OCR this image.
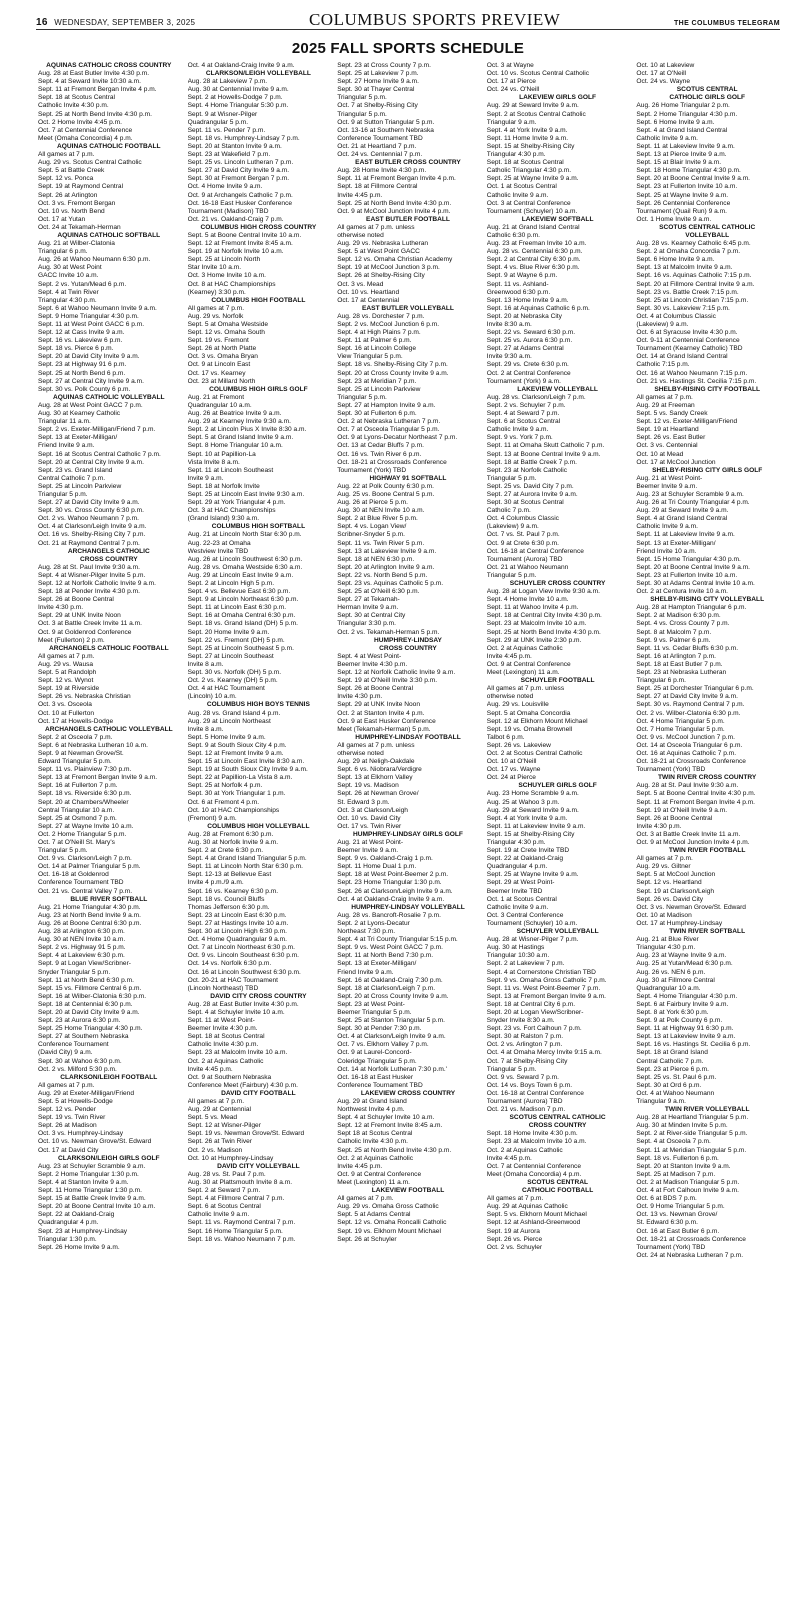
16 WEDNESDAY, SEPTEMBER 3, 2025	COLUMBUS SPORTS PREVIEW	THE COLUMBUS TELEGRAM
2025 FALL SPORTS SCHEDULE
AQUINAS CATHOLIC CROSS COUNTRY
Aug. 28 at East Butler Invite 4:30 p.m.
Sept. 4 at Seward Invite 10:30 a.m.
Sept. 11 at Fremont Bergan Invite 4 p.m.
Sept. 18 at Scotus Central
Catholic Invite 4:30 p.m.
Sept. 25 at North Bend Invite 4:30 p.m.
Oct. 2 Home Invite 4:45 p.m.
Oct. 7 at Centennial Conference
Meet (Omaha Concordia) 4 p.m.
AQUINAS CATHOLIC FOOTBALL
All games at 7 p.m.
Aug. 29 vs. Scotus Central Catholic
Sept. 5 at Battle Creek
Sept. 12 vs. Ponca
Sept. 19 at Raymond Central
Sept. 26 at Arlington
Oct. 3 vs. Fremont Bergan
Oct. 10 vs. North Bend
Oct. 17 at Yutan
Oct. 24 at Tekamah-Herman
AQUINAS CATHOLIC SOFTBALL
Aug. 21 at Wilber-Clatonia
Triangular 6 p.m.
Aug. 26 at Wahoo Neumann 6:30 p.m.
Aug. 30 at West Point
GACC Invite 10 a.m.
Sept. 2 vs. Yutan/Mead 6 p.m.
Sept. 4 at Twin River
Triangular 4:30 p.m.
Sept. 6 at Wahoo Neumann Invite 9 a.m.
Sept. 9 Home Triangular 4:30 p.m.
Sept. 11 at West Point GACC 6 p.m.
Sept. 12 at Cass Invite 9 a.m.
Sept. 16 vs. Lakeview 6 p.m.
Sept. 18 vs. Pierce 6 p.m.
Sept. 20 at David City Invite 9 a.m.
Sept. 23 at Highway 91 6 p.m.
Sept. 25 at North Bend 6 p.m.
Sept. 27 at Central City Invite 9 a.m.
Sept. 30 vs. Polk County 6 p.m.
AQUINAS CATHOLIC VOLLEYBALL
Aug. 28 at West Point GACC 7 p.m.
Aug. 30 at Kearney Catholic
Triangular 11 a.m.
Sept. 2 vs. Exeter-Milligan/Friend 7 p.m.
Sept. 13 at Exeter-Milligan/
Friend Invite 9 a.m.
Sept. 16 at Scotus Central Catholic 7 p.m.
Sept. 20 at Central City Invite 9 a.m.
Sept. 23 vs. Grand Island
Central Catholic 7 p.m.
Sept. 25 at Lincoln Parkview
Triangular 5 p.m.
Sept. 27 at David City Invite 9 a.m.
Sept. 30 vs. Cross County 6:30 p.m.
Oct. 2 vs. Wahoo Neumann 7 p.m.
Oct. 4 at Clarkson/Leigh Invite 9 a.m.
Oct. 16 vs. Shelby-Rising City 7 p.m.
Oct. 21 at Raymond Central 7 p.m.
ARCHANGELS CATHOLIC
CROSS COUNTRY
Aug. 28 at St. Paul Invite 9:30 a.m.
Sept. 4 at Wisner-Pilger Invite 5 p.m.
Sept. 12 at Norfolk Catholic Invite 9 a.m.
Sept. 18 at Pender Invite 4:30 p.m.
Sept. 26 at Boone Central
Invite 4:30 p.m.
Sept. 29 at UNK Invite Noon
Oct. 3 at Battle Creek Invite 11 a.m.
Oct. 9 at Goldenrod Conference
Meet (Fullerton) 2 p.m.
ARCHANGELS CATHOLIC FOOTBALL
All games at 7 p.m.
Aug. 29 vs. Wausa
Sept. 5 at Randolph
Sept. 12 vs. Wynot
Sept. 19 at Riverside
Sept. 26 vs. Nebraska Christian
Oct. 3 vs. Osceola
Oct. 10 at Fullerton
Oct. 17 at Howells-Dodge
ARCHANGELS CATHOLIC VOLLEYBALL
Sept. 2 at Osceola 7 p.m.
Sept. 6 at Nebraska Lutheran 10 a.m.
Sept. 9 at Newman Grove/St.
Edward Triangular 5 p.m.
Sept. 11 vs. Plainview 7:30 p.m.
Sept. 13 at Fremont Bergan Invite 9 a.m.
Sept. 16 at Fullerton 7 p.m.
Sept. 18 vs. Riverside 6:30 p.m.
Sept. 20 at Chambers/Wheeler
Central Triangular 10 a.m.
Sept. 25 at Osmond 7 p.m.
Sept. 27 at Wayne Invite 10 a.m.
Oct. 2 Home Triangular 5 p.m.
Oct. 7 at O'Neill St. Mary's
Triangular 5 p.m.
Oct. 9 vs. Clarkson/Leigh 7 p.m.
Oct. 14 at Palmer Triangular 5 p.m.
Oct. 16-18 at Goldenrod
Conference Tournament TBD
Oct. 21 vs. Central Valley 7 p.m.
BLUE RIVER SOFTBALL
Aug. 21 Home Triangular 4:30 p.m.
Aug. 23 at North Bend Invite 9 a.m.
Aug. 26 at Boone Central 6:30 p.m.
Aug. 28 at Arlington 6:30 p.m.
Aug. 30 at NEN Invite 10 a.m.
Sept. 2 vs. Highway 91 5 p.m.
Sept. 4 at Lakeview 6:30 p.m.
Sept. 9 at Logan View/Scribner-
Snyder Triangular 5 p.m.
Sept. 11 at North Bend 6:30 p.m.
Sept. 15 vs. Fillmore Central 6 p.m.
Sept. 16 at Wilber-Clatonia 6:30 p.m.
Sept. 18 at Centennial 6:30 p.m.
Sept. 20 at David City Invite 9 a.m.
Sept. 23 at Aurora 6:30 p.m.
Sept. 25 Home Triangular 4:30 p.m.
Sept. 27 at Southern Nebraska
Conference Tournament
(David City) 9 a.m.
Sept. 30 at Wahoo 6:30 p.m.
Oct. 2 vs. Milford 5:30 p.m.
CLARKSON/LEIGH FOOTBALL
All games at 7 p.m.
Aug. 29 at Exeter-Milligan/Friend
Sept. 5 at Howells-Dodge
Sept. 12 vs. Pender
Sept. 19 vs. Twin River
Sept. 26 at Madison
Oct. 3 vs. Humphrey-Lindsay
Oct. 10 vs. Newman Grove/St. Edward
Oct. 17 at David City
CLARKSON/LEIGH GIRLS GOLF
Aug. 23 at Schuyler Scramble 9 a.m.
Sept. 2 Home Triangular 1:30 p.m.
Sept. 4 at Stanton Invite 9 a.m.
Sept. 11 Home Triangular 1:30 p.m.
Sept. 15 at Battle Creek Invite 9 a.m.
Sept. 20 at Boone Central Invite 10 a.m.
Sept. 22 at Oakland-Craig
Quadrangular 4 p.m.
Sept. 23 at Humphrey-Lindsay
Triangular 1:30 p.m.
Sept. 26 Home Invite 9 a.m.
Oct. 4 at Oakland-Craig Invite 9 a.m.
CLARKSON/LEIGH VOLLEYBALL
Aug. 28 at Lakeview 7 p.m.
Aug. 30 at Centennial Invite 9 a.m.
Sept. 2 at Howells-Dodge 7 p.m.
Sept. 4 Home Triangular 5:30 p.m.
Sept. 9 at Wisner-Pilger
Quadrangular 5 p.m.
Sept. 11 vs. Pender 7 p.m.
Sept. 18 vs. Humphrey-Lindsay 7 p.m.
Sept. 20 at Stanton Invite 9 a.m.
Sept. 23 at Wakefield 7 p.m.
Sept. 25 vs. Lincoln Lutheran 7 p.m.
Sept. 27 at David City Invite 9 a.m.
Sept. 30 at Fremont Bergan 7 p.m.
Oct. 4 Home Invite 9 a.m.
Oct. 9 at Archangels Catholic 7 p.m.
Oct. 16-18 East Husker Conference
Tournament (Madison) TBD
Oct. 21 vs. Oakland-Craig 7 p.m.
COLUMBUS HIGH CROSS COUNTRY
Sept. 5 at Boone Central Invite 10 a.m.
Sept. 12 at Fremont Invite 8:45 a.m.
Sept. 19 at Norfolk Invite 10 a.m.
Sept. 25 at Lincoln North
Star Invite 10 a.m.
Oct. 3 Home Invite 10 a.m.
Oct. 8 at HAC Championships
(Kearney) 3:30 p.m.
COLUMBUS HIGH FOOTBALL
All games at 7 p.m.
Aug. 29 vs. Norfolk
Sept. 5 at Omaha Westside
Sept. 12 vs. Omaha South
Sept. 19 vs. Fremont
Sept. 26 at North Platte
Oct. 3 vs. Omaha Bryan
Oct. 9 at Lincoln East
Oct. 17 vs. Kearney
Oct. 23 at Millard North
COLUMBUS HIGH GIRLS GOLF
Aug. 21 at Fremont
Quadrangular 10 a.m.
Aug. 26 at Beatrice Invite 9 a.m.
Aug. 29 at Kearney Invite 9:30 a.m.
Sept. 2 at Lincoln Pius X Invite 8:30 a.m.
Sept. 5 at Grand Island Invite 9 a.m.
Sept. 8 Home Triangular 10 a.m.
Sept. 10 at Papillion-La
Vista Invite 8 a.m.
Sept. 11 at Lincoln Southeast
Invite 9 a.m.
Sept. 18 at Norfolk Invite
Sept. 25 at Lincoln East Invite 9:30 a.m.
Sept. 29 at York Triangular 4 p.m.
Oct. 3 at HAC Championships
(Grand Island) 9:30 a.m.
COLUMBUS HIGH SOFTBALL
Aug. 21 at Lincoln North Star 6:30 p.m.
Aug. 22-23 at Omaha
Westview Invite TBD
Aug. 26 at Lincoln Southwest 6:30 p.m.
Aug. 28 vs. Omaha Westside 6:30 a.m.
Aug. 29 at Lincoln East Invite 9 a.m.
Sept. 2 at Lincoln High 5 p.m.
Sept. 4 vs. Bellevue East 6:30 p.m.
Sept. 9 at Lincoln Northeast 6:30 p.m.
Sept. 11 at Lincoln East 6:30 p.m.
Sept. 16 at Omaha Central 6:30 p.m.
Sept. 18 vs. Grand Island (DH) 5 p.m.
Sept. 20 Home Invite 9 a.m.
Sept. 22 vs. Fremont (DH) 5 p.m.
Sept. 25 at Lincoln Southeast 5 p.m.
Sept. 27 at Lincoln Southeast
Invite 8 a.m.
Sept. 30 vs. Norfolk (DH) 5 p.m.
Oct. 2 vs. Kearney (DH) 5 p.m.
Oct. 4 at HAC Tournament
(Lincoln) 10 a.m.
COLUMBUS HIGH BOYS TENNIS
Aug. 28 vs. Grand Island 4 p.m.
Aug. 29 at Lincoln Northeast
Invite 8 a.m.
Sept. 5 Home Invite 9 a.m.
Sept. 9 at South Sioux City 4 p.m.
Sept. 12 at Fremont Invite 9 a.m.
Sept. 15 at Lincoln East Invite 8:30 a.m.
Sept. 19 at South Sioux City Invite 9 a.m.
Sept. 22 at Papillion-La Vista 8 a.m.
Sept. 25 at Norfolk 4 p.m.
Sept. 30 at York Triangular 1 p.m.
Oct. 6 at Fremont 4 p.m.
Oct. 10 at HAC Championships
(Fremont) 9 a.m.
COLUMBUS HIGH VOLLEYBALL
Aug. 28 at Fremont 6:30 p.m.
Aug. 30 at Norfolk Invite 9 a.m.
Sept. 2 at Crete 6:30 p.m.
Sept. 4 at Grand Island Triangular 5 p.m.
Sept. 11 at Lincoln North Star 6:30 p.m.
Sept. 12-13 at Bellevue East
Invite 4 p.m./9 a.m.
Sept. 16 vs. Kearney 6:30 p.m.
Sept. 18 vs. Council Bluffs
Thomas Jefferson 6:30 p.m.
Sept. 23 at Lincoln East 6:30 p.m.
Sept. 27 at Hastings Invite 10 a.m.
Sept. 30 at Lincoln High 6:30 p.m.
Oct. 4 Home Quadrangular 9 a.m.
Oct. 7 at Lincoln Northeast 6:30 p.m.
Oct. 9 vs. Lincoln Southeast 6:30 p.m.
Oct. 14 vs. Norfolk 6:30 p.m.
Oct. 16 at Lincoln Southwest 6:30 p.m.
Oct. 20-21 at HAC Tournament
(Lincoln Northeast) TBD
DAVID CITY CROSS COUNTRY
Aug. 28 at East Butler Invite 4:30 p.m.
Sept. 4 at Schuyler Invite 10 a.m.
Sept. 11 at West Point-
Beemer Invite 4:30 p.m.
Sept. 18 at Scotus Central
Catholic Invite 4:30 p.m.
Sept. 23 at Malcolm Invite 10 a.m.
Oct. 2 at Aquinas Catholic
Invite 4:45 p.m.
Oct. 9 at Southern Nebraska
Conference Meet (Fairbury) 4:30 p.m.
DAVID CITY FOOTBALL
All games at 7 p.m.
Aug. 29 at Centennial
Sept. 5 vs. Mead
Sept. 12 at Wisner-Pilger
Sept. 19 vs. Newman Grove/St. Edward
Sept. 26 at Twin River
Oct. 2 vs. Madison
Oct. 10 at Humphrey-Lindsay
DAVID CITY VOLLEYBALL
Aug. 28 vs. St. Paul 7 p.m.
Aug. 30 at Plattsmouth Invite 8 a.m.
Sept. 2 at Seward 7 p.m.
Sept. 4 at Fillmore Central 7 p.m.
Sept. 6 at Scotus Central
Catholic Invite 9 a.m.
Sept. 11 vs. Raymond Central 7 p.m.
Sept. 16 Home Triangular 5 p.m.
Sept. 18 vs. Wahoo Neumann 7 p.m.
Sept. 23 at Cross County 7 p.m.
Sept. 25 at Lakeview 7 p.m.
Sept. 27 Home Invite 9 a.m.
Sept. 30 at Thayer Central
Triangular 5 p.m.
Oct. 7 at Shelby-Rising City
Triangular 5 p.m.
Oct. 9 at Sutton Triangular 5 p.m.
Oct. 13-16 at Southern Nebraska
Conference Tournament TBD
Oct. 21 at Heartland 7 p.m.
Oct. 24 vs. Centennial 7 p.m.
EAST BUTLER CROSS COUNTRY
Aug. 28 Home Invite 4:30 p.m.
Sept. 11 at Fremont Bergan Invite 4 p.m.
Sept. 18 at Fillmore Central
Invite 4:45 p.m.
Sept. 25 at North Bend Invite 4:30 p.m.
Oct. 9 at McCool Junction Invite 4 p.m.
EAST BUTLER FOOTBALL
All games at 7 p.m. unless
otherwise noted
Aug. 29 vs. Nebraska Lutheran
Sept. 5 at West Point GACC
Sept. 12 vs. Omaha Christian Academy
Sept. 19 at McCool Junction 3 p.m.
Sept. 26 at Shelby-Rising City
Oct. 3 vs. Mead
Oct. 10 vs. Heartland
Oct. 17 at Centennial
EAST BUTLER VOLLEYBALL
Aug. 28 vs. Dorchester 7 p.m.
Sept. 2 vs. McCool Junction 6 p.m.
Sept. 4 at High Plains 7 p.m.
Sept. 11 at Palmer 6 p.m.
Sept. 16 at Lincoln College
View Triangular 5 p.m.
Sept. 18 vs. Shelby-Rising City 7 p.m.
Sept. 20 at Cross County Invite 9 a.m.
Sept. 23 at Meridian 7 p.m.
Sept. 25 at Lincoln Parkview
Triangular 5 p.m.
Sept. 27 at Hampton Invite 9 a.m.
Sept. 30 at Fullerton 6 p.m.
Oct. 2 at Nebraska Lutheran 7 p.m.
Oct. 7 at Osceola Triangular 5 p.m.
Oct. 9 at Lyons-Decatur Northeast 7 p.m.
Oct. 13 at Cedar Bluffs 7 p.m.
Oct. 16 vs. Twin River 6 p.m.
Oct. 18-21 at Crossroads Conference
Tournament (York) TBD
HIGHWAY 91 SOFTBALL
Aug. 22 at Polk County 6:30 p.m.
Aug. 25 vs. Boone Central 5 p.m.
Aug. 26 at Pierce 5 p.m.
Aug. 30 at NEN Invite 10 a.m.
Sept. 2 at Blue River 5 p.m.
Sept. 4 vs. Logan View/
Scribner-Snyder 5 p.m.
Sept. 11 vs. Twin River 5 p.m.
Sept. 13 at Lakeview Invite 9 a.m.
Sept. 18 at NEN 6:30 p.m.
Sept. 20 at Arlington Invite 9 a.m.
Sept. 22 vs. North Bend 5 p.m.
Sept. 23 vs. Aquinas Catholic 5 p.m.
Sept. 25 at O'Neill 6:30 p.m.
Sept. 27 at Tekamah-
Herman Invite 9 a.m.
Sept. 30 at Central City
Triangular 3:30 p.m.
Oct. 2 vs. Tekamah-Herman 5 p.m.
HUMPHREY-LINDSAY
CROSS COUNTRY
Sept. 4 at West Point-
Beemer Invite 4:30 p.m.
Sept. 12 at Norfolk Catholic Invite 9 a.m.
Sept. 19 at O'Neill Invite 3:30 p.m.
Sept. 26 at Boone Central
Invite 4:30 p.m.
Sept. 29 at UNK Invite Noon
Oct. 2 at Stanton Invite 4 p.m.
Oct. 9 at East Husker Conference
Meet (Tekamah-Herman) 5 p.m.
HUMPHREY-LINDSAY FOOTBALL
All games at 7 p.m. unless
otherwise noted
Aug. 29 at Neligh-Oakdale
Sept. 6 vs. Niobrara/Verdigre
Sept. 13 at Elkhorn Valley
Sept. 19 vs. Madison
Sept. 26 at Newman Grove/
St. Edward 3 p.m.
Oct. 3 at Clarkson/Leigh
Oct. 10 vs. David City
Oct. 17 vs. Twin River
HUMPHREY-LINDSAY GIRLS GOLF
Aug. 21 at West Point-
Beemer Invite 9 a.m.
Sept. 9 vs. Oakland-Craig 1 p.m.
Sept. 11 Home Dual 1 p.m.
Sept. 18 at West Point-Beemer 2 p.m.
Sept. 23 Home Triangular 1:30 p.m.
Sept. 26 at Clarkson/Leigh Invite 9 a.m.
Oct. 4 at Oakland-Craig Invite 9 a.m.
HUMPHREY-LINDSAY VOLLEYBALL
Aug. 28 vs. Bancroft-Rosalie 7 p.m.
Sept. 2 at Lyons-Decatur
Northeast 7:30 p.m.
Sept. 4 at Tri County Triangular 5:15 p.m.
Sept. 9 vs. West Point GACC 7 p.m.
Sept. 11 at North Bend 7:30 p.m.
Sept. 13 at Exeter-Milligan/
Friend Invite 9 a.m.
Sept. 16 at Oakland-Craig 7:30 p.m.
Sept. 18 at Clarkson/Leigh 7 p.m.
Sept. 20 at Cross County Invite 9 a.m.
Sept. 23 at West Point-
Beemer Triangular 5 p.m.
Sept. 25 at Stanton Triangular 5 p.m.
Sept. 30 at Pender 7:30 p.m.
Oct. 4 at Clarkson/Leigh Invite 9 a.m.
Oct. 7 vs. Elkhorn Valley 7 p.m.
Oct. 9 at Laurel-Concord-
Coleridge Triangular 5 p.m.
Oct. 14 at Norfolk Lutheran 7:30 p.m.'
Oct. 16-18 at East Husker
Conference Tournament TBD
LAKEVIEW CROSS COUNTRY
Aug. 29 at Grand Island
Northwest Invite 4 p.m.
Sept. 4 at Schuyler Invite 10 a.m.
Sept. 12 at Fremont Invite 8:45 a.m.
Sept 18 at Scotus Central
Catholic Invite 4:30 p.m.
Sept. 25 at North Bend Invite 4:30 p.m.
Oct. 2 at Aquinas Catholic
Invite 4:45 p.m.
Oct. 9 at Central Conference
Meet (Lexington) 11 a.m.
LAKEVIEW FOOTBALL
All games at 7 p.m.
Aug. 29 vs. Omaha Gross Catholic
Sept. 5 at Adams Central
Sept. 12 vs. Omaha Roncalli Catholic
Sept. 19 vs. Elkhorn Mount Michael
Sept. 26 at Schuyler
Oct. 3 at Wayne
Oct. 10 vs. Scotus Central Catholic
Oct. 17 at Pierce
Oct. 24 vs. O'Neill
LAKEVIEW GIRLS GOLF
Aug. 29 at Seward Invite 9 a.m.
Sept. 2 at Scotus Central Catholic
Triangular 9 a.m.
Sept. 4 at York Invite 9 a.m.
Sept. 11 Home Invite 9 a.m.
Sept. 15 at Shelby-Rising City
Triangular 4:30 p.m.
Sept. 18 at Scotus Central
Catholic Triangular 4:30 p.m.
Sept. 25 at Wayne Invite 9 a.m.
Oct. 1 at Scotus Central
Catholic Invite 9 a.m.
Oct. 3 at Central Conference
Tournament (Schuyler) 10 a.m.
LAKEVIEW SOFTBALL
Aug. 21 at Grand Island Central
Catholic 6:30 p.m.
Aug. 23 at Freeman Invite 10 a.m.
Aug. 28 vs. Centennial 6:30 p.m.
Sept. 2 at Central City 6:30 p.m.
Sept. 4 vs. Blue River 6:30 p.m.
Sept. 9 at Wayne 6 p.m.
Sept. 11 vs. Ashland-
Greenwood 6:30 p.m.
Sept. 13 Home Invite 9 a.m.
Sept. 16 at Aquinas Catholic 6 p.m.
Sept. 20 at Nebraska City
Invite 8:30 a.m.
Sept. 22 vs. Seward 6:30 p.m.
Sept. 25 vs. Aurora 6:30 p.m.
Sept. 27 at Adams Central
Invite 9:30 a.m.
Sept. 29 vs. Crete 6:30 p.m.
Oct. 2 at Central Conference
Tournament (York) 9 a.m.
LAKEVIEW VOLLEYBALL
Aug. 28 vs. Clarkson/Leigh 7 p.m.
Sept. 2 vs. Schuyler 7 p.m.
Sept. 4 at Seward 7 p.m.
Sept. 6 at Scotus Central
Catholic Invite 9 a.m.
Sept. 9 vs. York 7 p.m.
Sept. 11 at Omaha Skutt Catholic 7 p.m.
Sept. 13 at Boone Central Invite 9 a.m.
Sept. 18 at Battle Creek 7 p.m.
Sept. 23 at Norfolk Catholic
Triangular 5 p.m.
Sept. 25 vs. David City 7 p.m.
Sept. 27 at Aurora Invite 9 a.m.
Sept. 30 at Scotus Central
Catholic 7 p.m.
Oct. 4 Columbus Classic
(Lakeview) 9 a.m.
Oct. 7 vs. St. Paul 7 p.m.
Oct. 9 at Crete 6:30 p.m.
Oct. 16-18 at Central Conference
Tournament (Aurora) TBD
Oct. 21 at Wahoo Neumann
Triangular 5 p.m.
SCHUYLER CROSS COUNTRY
Aug. 28 at Logan View Invite 9:30 a.m.
Sept. 4 Home Invite 10 a.m.
Sept. 11 at Wahoo Invite 4 p.m.
Sept. 18 at Central City Invite 4:30 p.m.
Sept. 23 at Malcolm Invite 10 a.m.
Sept. 25 at North Bend Invite 4:30 p.m.
Sept. 29 at UNK Invite 2:30 p.m.
Oct. 2 at Aquinas Catholic
Invite 4:45 p.m.
Oct. 9 at Central Conference
Meet (Lexington) 11 a.m.
SCHUYLER FOOTBALL
All games at 7 p.m. unless
otherwise noted
Aug. 29 vs. Louisville
Sept. 5 at Omaha Concordia
Sept. 12 at Elkhorn Mount Michael
Sept. 19 vs. Omaha Brownell
Talbot 6 p.m.
Sept. 26 vs. Lakeview
Oct. 2 at Scotus Central Catholic
Oct. 10 at O'Neill
Oct. 17 vs. Wayne
Oct. 24 at Pierce
SCHUYLER GIRLS GOLF
Aug. 23 Home Scramble 9 a.m.
Aug. 25 at Wahoo 3 p.m.
Aug. 29 at Seward Invite 9 a.m.
Sept. 4 at York Invite 9 a.m.
Sept. 11 at Lakeview Invite 9 a.m.
Sept. 15 at Shelby-Rising City
Triangular 4:30 p.m.
Sept. 19 at Crete Invite TBD
Sept. 22 at Oakland-Craig
Quadrangular 4 p.m.
Sept. 25 at Wayne Invite 9 a.m.
Sept. 29 at West Point-
Beemer Invite TBD
Oct. 1 at Scotus Central
Catholic Invite 9 a.m.
Oct. 3 Central Conference
Tournament (Schuyler) 10 a.m.
SCHUYLER VOLLEYBALL
Aug. 28 at Wisner-Pilger 7 p.m.
Aug. 30 at Hastings
Triangular 10:30 a.m.
Sept. 2 at Lakeview 7 p.m.
Sept. 4 at Cornerstone Christian TBD
Sept. 9 vs. Omaha Gross Catholic 7 p.m.
Sept. 11 vs. West Point-Beemer 7 p.m.
Sept. 13 at Fremont Bergan Invite 9 a.m.
Sept. 18 at Central City 6 p.m.
Sept. 20 at Logan View/Scribner-
Snyder Invite 8:30 a.m.
Sept. 23 vs. Fort Calhoun 7 p.m.
Sept. 30 at Ralston 7 p.m.
Oct. 2 vs. Arlington 7 p.m.
Oct. 4 at Omaha Mercy Invite 9:15 a.m.
Oct. 7 at Shelby-Rising City
Triangular 5 p.m.
Oct. 9 vs. Seward 7 p.m.
Oct. 14 vs. Boys Town 6 p.m.
Oct. 16-18 at Central Conference
Tournament (Aurora) TBD
Oct. 21 vs. Madison 7 p.m.
SCOTUS CENTRAL CATHOLIC
CROSS COUNTRY
Sept. 18 Home Invite 4:30 p.m.
Sept. 23 at Malcolm Invite 10 a.m.
Oct. 2 at Aquinas Catholic
Invite 4:45 p.m.
Oct. 7 at Centennial Conference
Meet (Omaha Concordia) 4 p.m.
SCOTUS CENTRAL
CATHOLIC FOOTBALL
All games at 7 p.m.
Aug. 29 at Aquinas Catholic
Sept. 5 vs. Elkhorn Mount Michael
Sept. 12 at Ashland-Greenwood
Sept. 19 at Aurora
Sept. 26 vs. Pierce
Oct. 2 vs. Schuyler
Oct. 10 at Lakeview
Oct. 17 at O'Neill
Oct. 24 vs. Wayne
SCOTUS CENTRAL
CATHOLIC GIRLS GOLF
Aug. 26 Home Triangular 2 p.m.
Sept. 2 Home Triangular 4:30 p.m.
Sept. 6 Home Invite 9 a.m.
Sept. 4 at Grand Island Central
Catholic Invite 9 a.m.
Sept. 11 at Lakeview Invite 9 a.m.
Sept. 13 at Pierce Invite 9 a.m.
Sept. 15 at Blair Invite 9 a.m.
Sept. 18 Home Triangular 4:30 p.m.
Sept. 20 at Boone Central Invite 9 a.m.
Sept. 23 at Fullerton Invite 10 a.m.
Sept. 25 at Wayne Invite 9 a.m.
Sept. 26 Centennial Conference
Tournament (Quail Run) 9 a.m.
Oct. 1 Home Invite 9 a.m.
SCOTUS CENTRAL CATHOLIC
VOLLEYBALL
Aug. 28 vs. Kearney Catholic 6:45 p.m.
Sept. 2 at Omaha Concordia 7 p.m.
Sept. 6 Home Invite 9 a.m.
Sept. 13 at Malcolm Invite 9 a.m.
Sept. 16 vs. Aquinas Catholic 7:15 p.m.
Sept. 20 at Fillmore Central Invite 9 a.m.
Sept. 23 vs. Battle Creek 7:15 p.m.
Sept. 25 at Lincoln Christian 7:15 p.m.
Sept. 30 vs. Lakeview 7:15 p.m.
Oct. 4 at Columbus Classic
(Lakeview) 9 a.m.
Oct. 6 at Syracuse Invite 4:30 p.m.
Oct. 9-11 at Centennial Conference
Tournament (Kearney Catholic) TBD
Oct. 14 at Grand Island Central
Catholic 7:15 p.m.
Oct. 16 at Wahoo Neumann 7:15 p.m.
Oct. 21 vs. Hastings St. Cecilia 7:15 p.m.
SHELBY-RISING CITY FOOTBALL
All games at 7 p.m.
Aug. 29 at Freeman
Sept. 5 vs. Sandy Creek
Sept. 12 vs. Exeter-Milligan/Friend
Sept. 19 at Heartland
Sept. 26 vs. East Butler
Oct. 3 vs. Centennial
Oct. 10 at Mead
Oct. 17 at McCool Junction
SHELBY-RISING CITY GIRLS GOLF
Aug. 21 at West Point-
Beemer Invite 9 a.m.
Aug. 23 at Schuyler Scramble 9 a.m.
Aug. 26 at Tri County Triangular 4 p.m.
Aug. 29 at Seward Invite 9 a.m.
Sept. 4 at Grand Island Central
Catholic Invite 9 a.m.
Sept. 11 at Lakeview Invite 9 a.m.
Sept. 13 at Exeter-Milligan/
Friend Invite 10 a.m.
Sept. 15 Home Triangular 4:30 p.m.
Sept. 20 at Boone Central Invite 9 a.m.
Sept. 23 at Fullerton Invite 10 a.m.
Sept. 30 at Adams Central Invite 10 a.m.
Oct. 2 at Centura Invite 10 a.m.
SHELBY-RISING CITY VOLLEYBALL
Aug. 28 at Hampton Triangular 6 p.m.
Sept. 2 at Madison 6:30 p.m.
Sept. 4 vs. Cross County 7 p.m.
Sept. 8 at Malcolm 7 p.m.
Sept. 9 vs. Palmer 6 p.m.
Sept. 11 vs. Cedar Bluffs 6:30 p.m.
Sept. 16 at Arlington 7 p.m.
Sept. 18 at East Butler 7 p.m.
Sept. 23 at Nebraska Lutheran
Triangular 6 p.m.
Sept. 25 at Dorchester Triangular 6 p.m.
Sept. 27 at David City Invite 9 a.m.
Sept. 30 vs. Raymond Central 7 p.m.
Oct. 2 vs. Wilber-Clatonia 6:30 p.m.
Oct. 4 Home Triangular 5 p.m.
Oct. 7 Home Triangular 5 p.m.
Oct. 9 vs. McCool Junction 7 p.m.
Oct. 14 at Osceola Triangular 6 p.m.
Oct. 16 at Aquinas Catholic 7 p.m.
Oct. 18-21 at Crossroads Conference
Tournament (York) TBD
TWIN RIVER CROSS COUNTRY
Aug. 28 at St. Paul Invite 9:30 a.m.
Sept. 5 at Boone Central Invite 4:30 p.m.
Sept. 11 at Fremont Bergan Invite 4 p.m.
Sept. 19 at O'Neill Invite 9 a.m.
Sept. 26 at Boone Central
Invite 4:30 p.m.
Oct. 3 at Battle Creek Invite 11 a.m.
Oct. 9 at McCool Junction Invite 4 p.m.
TWIN RIVER FOOTBALL
All games at 7 p.m.
Aug. 29 vs. Giltner
Sept. 5 at McCool Junction
Sept. 12 vs. Heartland
Sept. 19 at Clarkson/Leigh
Sept. 26 vs. David City
Oct. 3 vs. Newman Grove/St. Edward
Oct. 10 at Madison
Oct. 17 at Humphrey-Lindsay
TWIN RIVER SOFTBALL
Aug. 21 at Blue River
Triangular 4:30 p.m.
Aug. 23 at Wayne Invite 9 a.m.
Aug. 25 at Yutan/Mead 6:30 p.m.
Aug. 26 vs. NEN 6 p.m.
Aug. 30 at Fillmore Central
Quadrangular 10 a.m.
Sept. 4 Home Triangular 4:30 p.m.
Sept. 6 at Fairbury Invite 9 a.m.
Sept. 8 at York 6:30 p.m.
Sept. 9 at Polk County 6 p.m.
Sept. 11 at Highway 91 6:30 p.m.
Sept. 13 at Lakeview Invite 9 a.m.
Sept. 16 vs. Hastings St. Cecilia 6 p.m.
Sept. 18 at Grand Island
Central Catholic 7 p.m.
Sept. 23 at Pierce 6 p.m.
Sept. 25 vs. St. Paul 6 p.m.
Sept. 30 at Ord 6 p.m.
Oct. 4 at Wahoo Neumann
Triangular 9 a.m.
TWIN RIVER VOLLEYBALL
Aug. 28 at Heartland Triangular 5 p.m.
Aug. 30 at Minden Invite 5 p.m.
Sept. 2 at River-side Triangular 5 p.m.
Sept. 4 at Osceola 7 p.m.
Sept. 11 at Meridian Triangular 5 p.m.
Sept. 18 vs. Fullerton 6 p.m.
Sept. 20 at Stanton Invite 9 a.m.
Sept. 25 at Madison 7 p.m.
Oct. 2 at Madison Triangular 5 p.m.
Oct. 4 at Fort Calhoun Invite 9 a.m.
Oct. 6 at BDS 7 p.m.
Oct. 9 Home Triangular 5 p.m.
Oct. 13 vs. Newman Grove/
St. Edward 6:30 p.m.
Oct. 16 at East Butler 6 p.m.
Oct. 18-21 at Crossroads Conference
Tournament (York) TBD
Oct. 24 at Nebraska Lutheran 7 p.m.
